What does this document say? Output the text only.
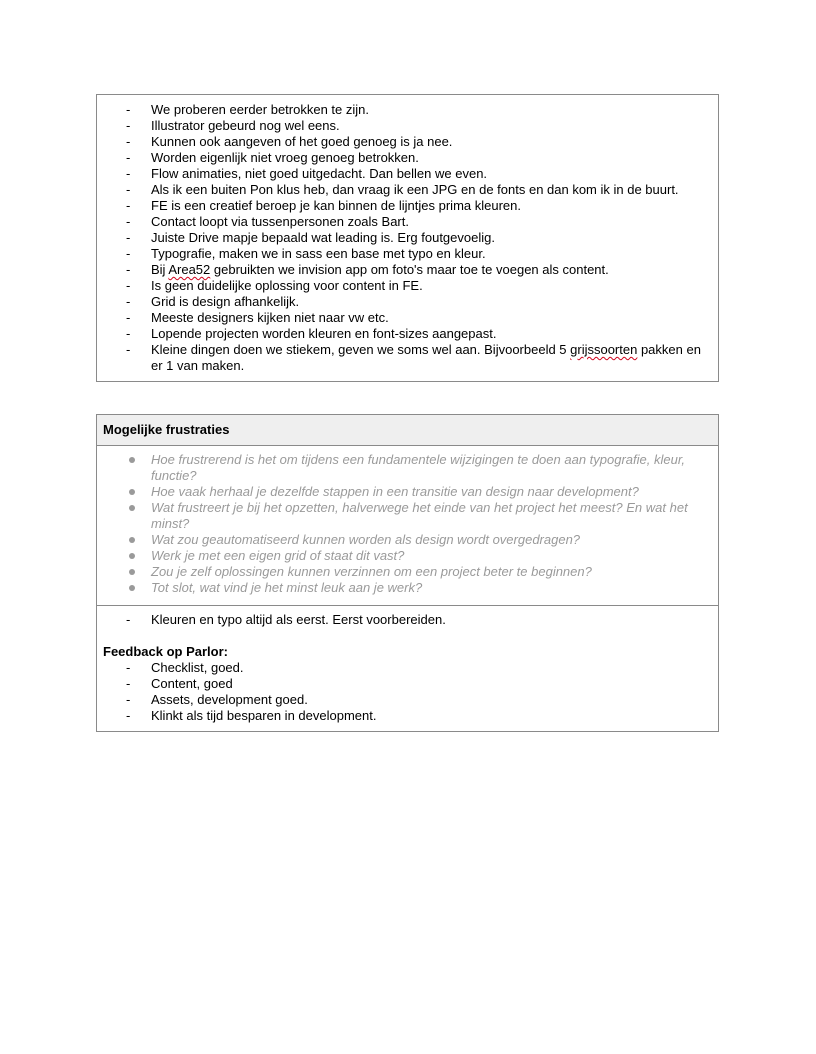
- We proberen eerder betrokken te zijn.
- Illustrator gebeurd nog wel eens.
- Kunnen ook aangeven of het goed genoeg is ja nee.
- Worden eigenlijk niet vroeg genoeg betrokken.
- Flow animaties, niet goed uitgedacht. Dan bellen we even.
- Als ik een buiten Pon klus heb, dan vraag ik een JPG en de fonts en dan kom ik in de buurt.
- FE is een creatief beroep je kan binnen de lijntjes prima kleuren.
- Contact loopt via tussenpersonen zoals Bart.
- Juiste Drive mapje bepaald wat leading is. Erg foutgevoelig.
- Typografie, maken we in sass een base met typo en kleur.
- Bij Area52 gebruikten we invision app om foto's maar toe te voegen als content.
- Is geen duidelijke oplossing voor content in FE.
- Grid is design afhankelijk.
- Meeste designers kijken niet naar vw etc.
- Lopende projecten worden kleuren en font-sizes aangepast.
- Kleine dingen doen we stiekem, geven we soms wel aan. Bijvoorbeeld 5 grijssoorten pakken en er 1 van maken.
Mogelijke frustraties
Hoe frustrerend is het om tijdens een fundamentele wijzigingen te doen aan typografie, kleur, functie?
Hoe vaak herhaal je dezelfde stappen in een transitie van design naar development?
Wat frustreert je bij het opzetten, halverwege het einde van het project het meest? En wat het minst?
Wat zou geautomatiseerd kunnen worden als design wordt overgedragen?
Werk je met een eigen grid of staat dit vast?
Zou je zelf oplossingen kunnen verzinnen om een project beter te beginnen?
Tot slot, wat vind je het minst leuk aan je werk?
- Kleuren en typo altijd als eerst. Eerst voorbereiden.
Feedback op Parlor:
- Checklist, goed.
- Content, goed
- Assets, development goed.
- Klinkt als tijd besparen in development.
